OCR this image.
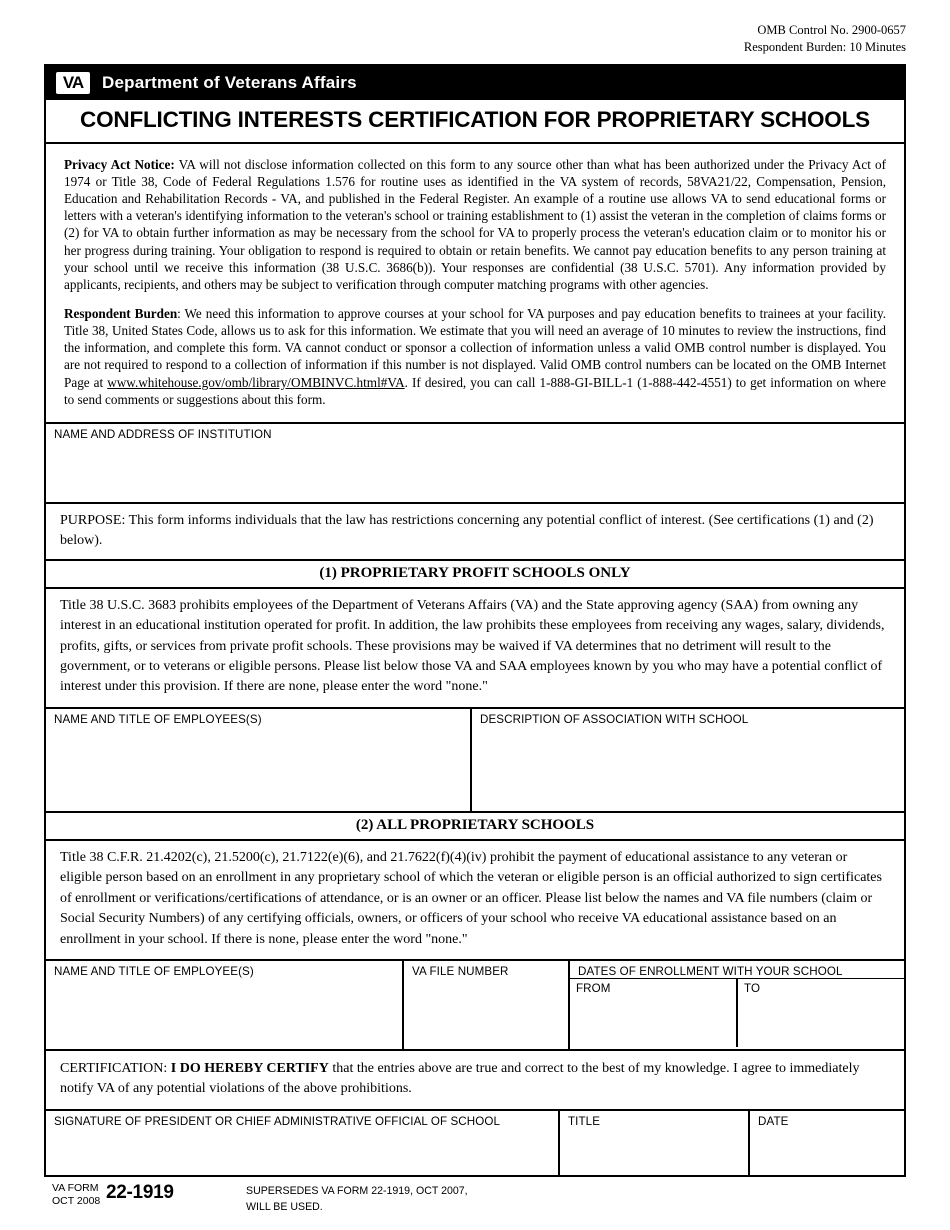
OMB Control No. 2900-0657
Respondent Burden: 10 Minutes
VA	Department of Veterans Affairs
CONFLICTING INTERESTS CERTIFICATION FOR PROPRIETARY SCHOOLS

Privacy Act Notice: VA will not disclose information collected on this form to any source other than what has been authorized under the Privacy Act of 1974 or Title 38, Code of Federal Regulations 1.576 for routine uses as identified in the VA system of records, 58VA21/22, Compensation, Pension, Education and Rehabilitation Records - VA, and published in the Federal Register. An example of a routine use allows VA to send educational forms or letters with a veteran's identifying information to the veteran's school or training establishment to (1) assist the veteran in the completion of claims forms or (2) for VA to obtain further information as may be necessary from the school for VA to properly process the veteran's education claim or to monitor his or her progress during training. Your obligation to respond is required to obtain or retain benefits. We cannot pay education benefits to any person training at your school until we receive this information (38 U.S.C. 3686(b)). Your responses are confidential (38 U.S.C. 5701). Any information provided by applicants, recipients, and others may be subject to verification through computer matching programs with other agencies.

Respondent Burden: We need this information to approve courses at your school for VA purposes and pay education benefits to trainees at your facility. Title 38, United States Code, allows us to ask for this information. We estimate that you will need an average of 10 minutes to review the instructions, find the information, and complete this form. VA cannot conduct or sponsor a collection of information unless a valid OMB control number is displayed. You are not required to respond to a collection of information if this number is not displayed. Valid OMB control numbers can be located on the OMB Internet Page at www.whitehouse.gov/omb/library/OMBINVC.html#VA. If desired, you can call 1-888-GI-BILL-1 (1-888-442-4551) to get information on where to send comments or suggestions about this form.

NAME AND ADDRESS OF INSTITUTION
PURPOSE: This form informs individuals that the law has restrictions concerning any potential conflict of interest. (See certifications (1) and (2) below).
(1) PROPRIETARY PROFIT SCHOOLS ONLY
Title 38 U.S.C. 3683 prohibits employees of the Department of Veterans Affairs (VA) and the State approving agency (SAA) from owning any interest in an educational institution operated for profit. In addition, the law prohibits these employees from receiving any wages, salary, dividends, profits, gifts, or services from private profit schools. These provisions may be waived if VA determines that no detriment will result to the government, or to veterans or eligible persons. Please list below those VA and SAA employees known by you who may have a potential conflict of interest under this provision. If there are none, please enter the word "none."
NAME AND TITLE OF EMPLOYEES(S)	DESCRIPTION OF ASSOCIATION WITH SCHOOL
(2) ALL PROPRIETARY SCHOOLS
Title 38 C.F.R. 21.4202(c), 21.5200(c), 21.7122(e)(6), and 21.7622(f)(4)(iv) prohibit the payment of educational assistance to any veteran or eligible person based on an enrollment in any proprietary school of which the veteran or eligible person is an official authorized to sign certificates of enrollment or verifications/certifications of attendance, or is an owner or an officer. Please list below the names and VA file numbers (claim or Social Security Numbers) of any certifying officials, owners, or officers of your school who receive VA educational assistance based on an enrollment in your school. If there is none, please enter the word "none."
NAME AND TITLE OF EMPLOYEE(S)	VA FILE NUMBER	DATES OF ENROLLMENT WITH YOUR SCHOOL
FROM	TO
CERTIFICATION: I DO HEREBY CERTIFY that the entries above are true and correct to the best of my knowledge. I agree to immediately notify VA of any potential violations of the above prohibitions.
SIGNATURE OF PRESIDENT OR CHIEF ADMINISTRATIVE OFFICIAL OF SCHOOL	TITLE	DATE
VA FORM
OCT 2008 22-1919	SUPERSEDES VA FORM 22-1919, OCT 2007,
WILL BE USED.
